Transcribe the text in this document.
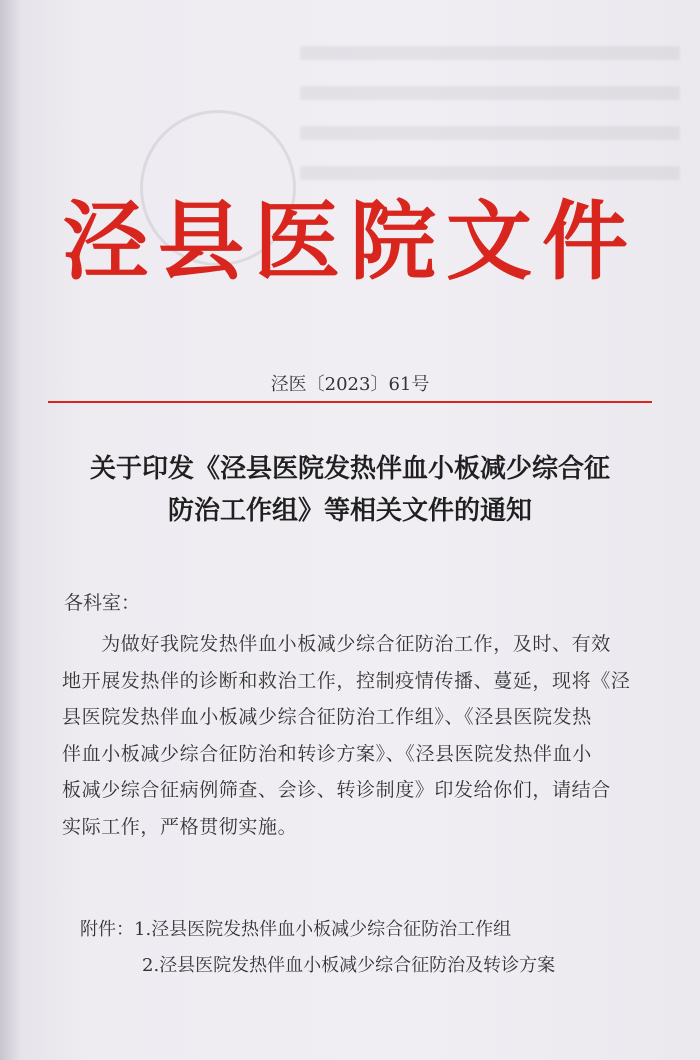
泾县医院文件
泾医〔2023〕61号
关于印发《泾县医院发热伴血小板减少综合征
防治工作组》等相关文件的通知
各科室：
　　为做好我院发热伴血小板减少综合征防治工作，及时、有效
地开展发热伴的诊断和救治工作，控制疫情传播、蔓延，现将《泾
县医院发热伴血小板减少综合征防治工作组》、《泾县医院发热
伴血小板减少综合征防治和转诊方案》、《泾县医院发热伴血小
板减少综合征病例筛查、会诊、转诊制度》印发给你们，请结合
实际工作，严格贯彻实施。
附件：1.泾县医院发热伴血小板减少综合征防治工作组
2.泾县医院发热伴血小板减少综合征防治及转诊方案
